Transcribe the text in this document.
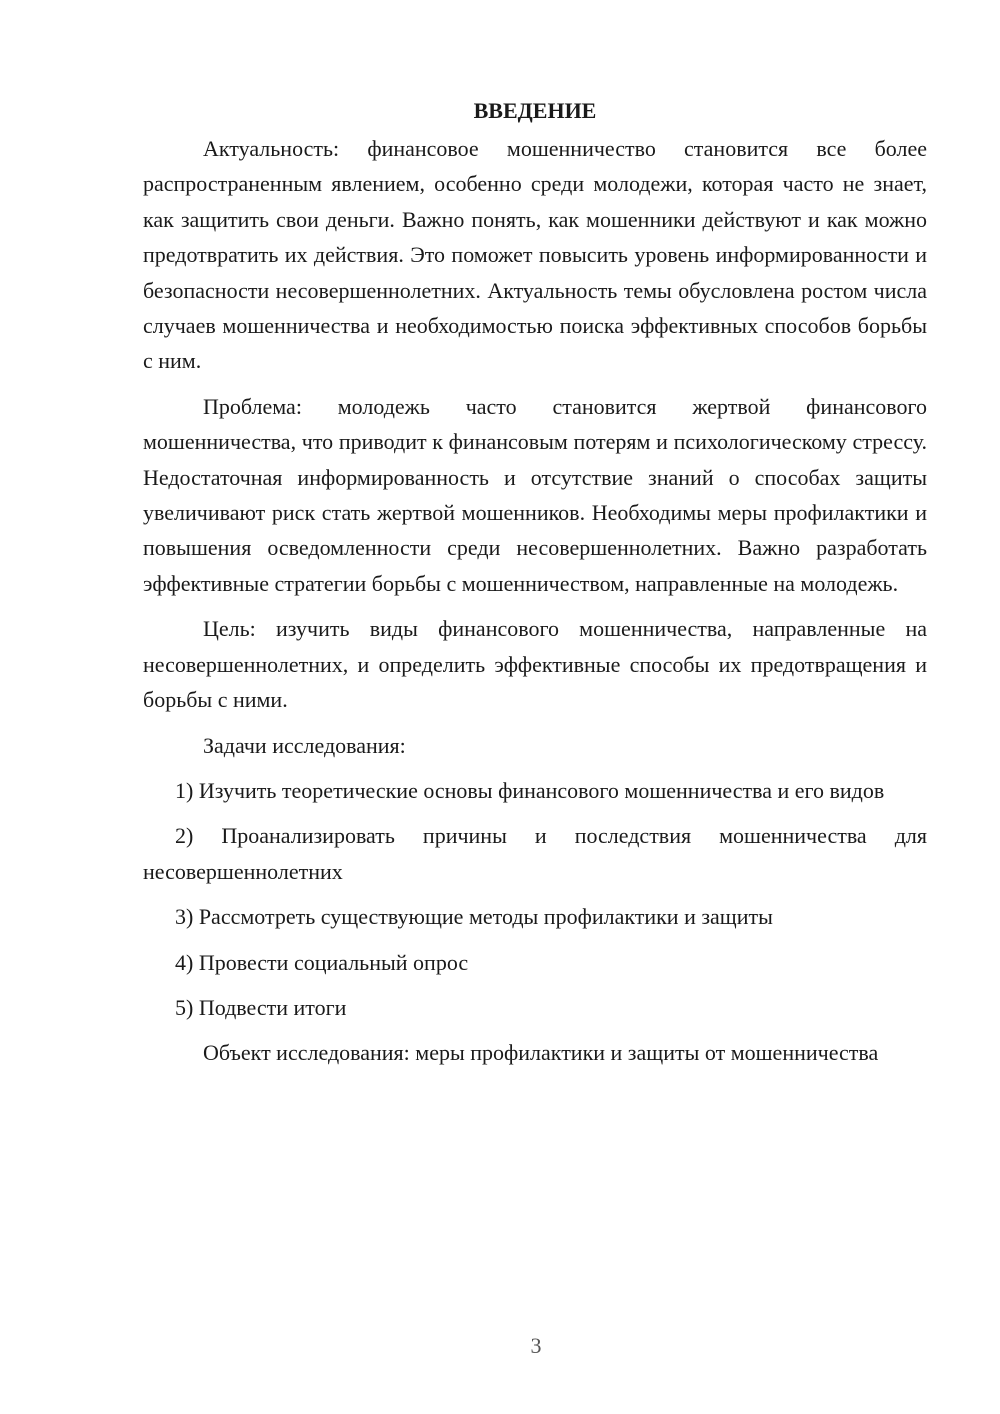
ВВЕДЕНИЕ

Актуальность: финансовое мошенничество становится все более распространенным явлением, особенно среди молодежи, которая часто не знает, как защитить свои деньги. Важно понять, как мошенники действуют и как можно предотвратить их действия. Это поможет повысить уровень информированности и безопасности несовершеннолетних. Актуальность темы обусловлена ростом числа случаев мошенничества и необходимостью поиска эффективных способов борьбы с ним.

Проблема: молодежь часто становится жертвой финансового мошенничества, что приводит к финансовым потерям и психологическому стрессу. Недостаточная информированность и отсутствие знаний о способах защиты увеличивают риск стать жертвой мошенников. Необходимы меры профилактики и повышения осведомленности среди несовершеннолетних. Важно разработать эффективные стратегии борьбы с мошенничеством, направленные на молодежь.

Цель: изучить виды финансового мошенничества, направленные на несовершеннолетних, и определить эффективные способы их предотвращения и борьбы с ними.

Задачи исследования:

1) Изучить теоретические основы финансового мошенничества и его видов

2) Проанализировать причины и последствия мошенничества для несовершеннолетних

3) Рассмотреть существующие методы профилактики и защиты

4) Провести социальный опрос

5) Подвести итоги

Объект исследования: меры профилактики и защиты от мошенничества

3
